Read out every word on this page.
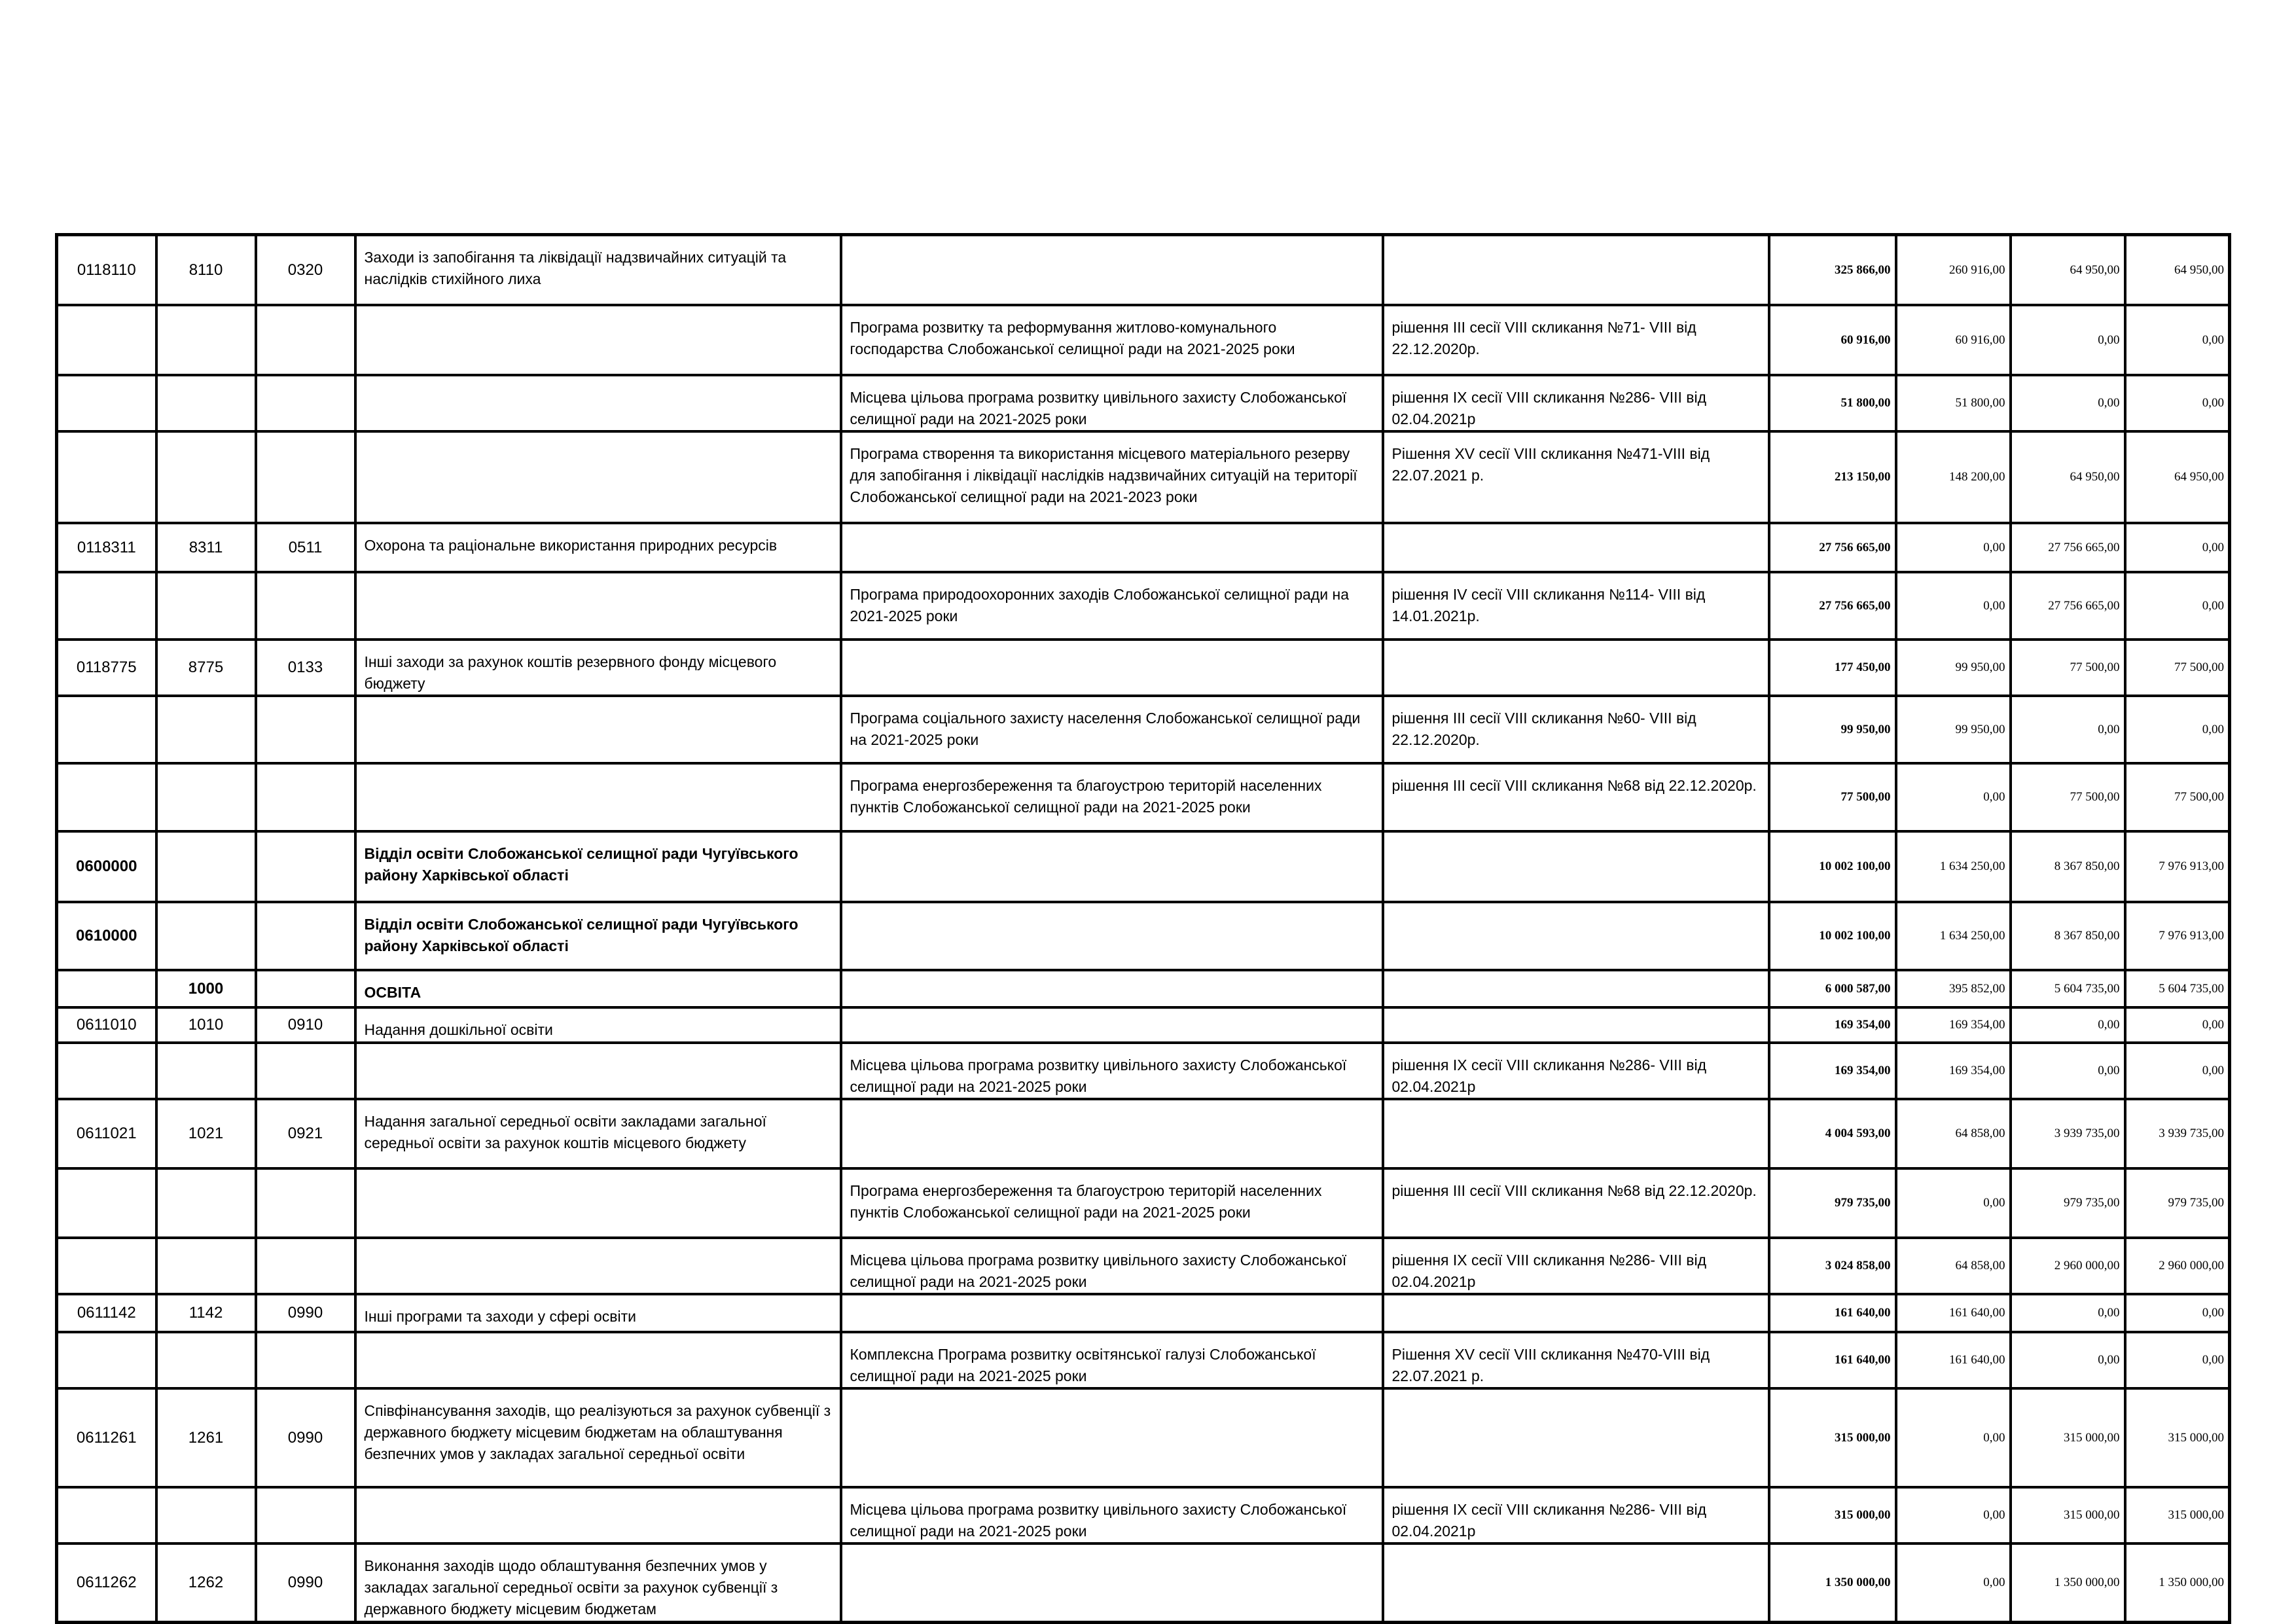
0118110	8110	0320	Заходи із запобігання та ліквідації надзвичайних ситуацій та наслідків стихійного лиха			325 866,00	260 916,00	64 950,00	64 950,00
				Програма розвитку та реформування житлово-комунального господарства Слобожанської селищної ради на 2021-2025 роки	рішення ІІІ сесії VIII скликання №71- VIII від 22.12.2020р.	60 916,00	60 916,00	0,00	0,00
				Місцева цільова програма розвитку цивільного захисту Слобожанської селищної ради на 2021-2025 роки	рішення ІХ сесії VIII скликання №286- VIII від 02.04.2021р	51 800,00	51 800,00	0,00	0,00
				Програма створення та використання місцевого матеріального резерву для запобігання і ліквідації наслідків надзвичайних ситуацій на території Слобожанської селищної ради на 2021-2023 роки	Рішення XV сесії VIII скликання №471-VIII від 22.07.2021 р.	213 150,00	148 200,00	64 950,00	64 950,00
0118311	8311	0511	Охорона та раціональне використання природних ресурсів			27 756 665,00	0,00	27 756 665,00	0,00
				Програма природоохоронних заходів Слобожанської селищної ради на 2021-2025 роки	рішення IV сесії VIII скликання №114- VIII від 14.01.2021р.	27 756 665,00	0,00	27 756 665,00	0,00
0118775	8775	0133	Інші заходи за рахунок коштів резервного фонду місцевого бюджету			177 450,00	99 950,00	77 500,00	77 500,00
				Програма соціального захисту населення Слобожанської селищної ради на 2021-2025 роки	рішення ІІІ сесії VIII скликання №60- VIII від 22.12.2020р.	99 950,00	99 950,00	0,00	0,00
				Програма енергозбереження та благоустрою територій населенних пунктів Слобожанської селищної ради на 2021-2025 роки	рішення ІІІ сесії VIII скликання №68 від 22.12.2020р.	77 500,00	0,00	77 500,00	77 500,00
0600000			Відділ освіти Слобожанської селищної ради Чугуївського району Харківської області			10 002 100,00	1 634 250,00	8 367 850,00	7 976 913,00
0610000			Відділ освіти Слобожанської селищної ради Чугуївського району Харківської області			10 002 100,00	1 634 250,00	8 367 850,00	7 976 913,00
	1000		ОСВІТА			6 000 587,00	395 852,00	5 604 735,00	5 604 735,00
0611010	1010	0910	Надання дошкільної освіти			169 354,00	169 354,00	0,00	0,00
				Місцева цільова програма розвитку цивільного захисту Слобожанської селищної ради на 2021-2025 роки	рішення ІХ сесії VIII скликання №286- VIII від 02.04.2021р	169 354,00	169 354,00	0,00	0,00
0611021	1021	0921	Надання загальної середньої освіти закладами загальної середньої освіти за рахунок коштів місцевого бюджету			4 004 593,00	64 858,00	3 939 735,00	3 939 735,00
				Програма енергозбереження та благоустрою територій населенних пунктів Слобожанської селищної ради на 2021-2025 роки	рішення ІІІ сесії VIII скликання №68 від 22.12.2020р.	979 735,00	0,00	979 735,00	979 735,00
				Місцева цільова програма розвитку цивільного захисту Слобожанської селищної ради на 2021-2025 роки	рішення ІХ сесії VIII скликання №286- VIII від 02.04.2021р	3 024 858,00	64 858,00	2 960 000,00	2 960 000,00
0611142	1142	0990	Інші програми та заходи у сфері освіти			161 640,00	161 640,00	0,00	0,00
				Комплексна Програма розвитку освітянської галузі Слобожанської селищної ради на 2021-2025 роки	Рішення XV сесії VIII скликання №470-VIII від 22.07.2021 р.	161 640,00	161 640,00	0,00	0,00
0611261	1261	0990	Співфінансування заходів, що реалізуються за рахунок субвенції з державного бюджету місцевим бюджетам на облаштування безпечних умов у закладах загальної середньої освіти			315 000,00	0,00	315 000,00	315 000,00
				Місцева цільова програма розвитку цивільного захисту Слобожанської селищної ради на 2021-2025 роки	рішення ІХ сесії VIII скликання №286- VIII від 02.04.2021р	315 000,00	0,00	315 000,00	315 000,00
0611262	1262	0990	Виконання заходів щодо облаштування безпечних умов у закладах загальної середньої освіти за рахунок субвенції з державного бюджету місцевим бюджетам			1 350 000,00	0,00	1 350 000,00	1 350 000,00
